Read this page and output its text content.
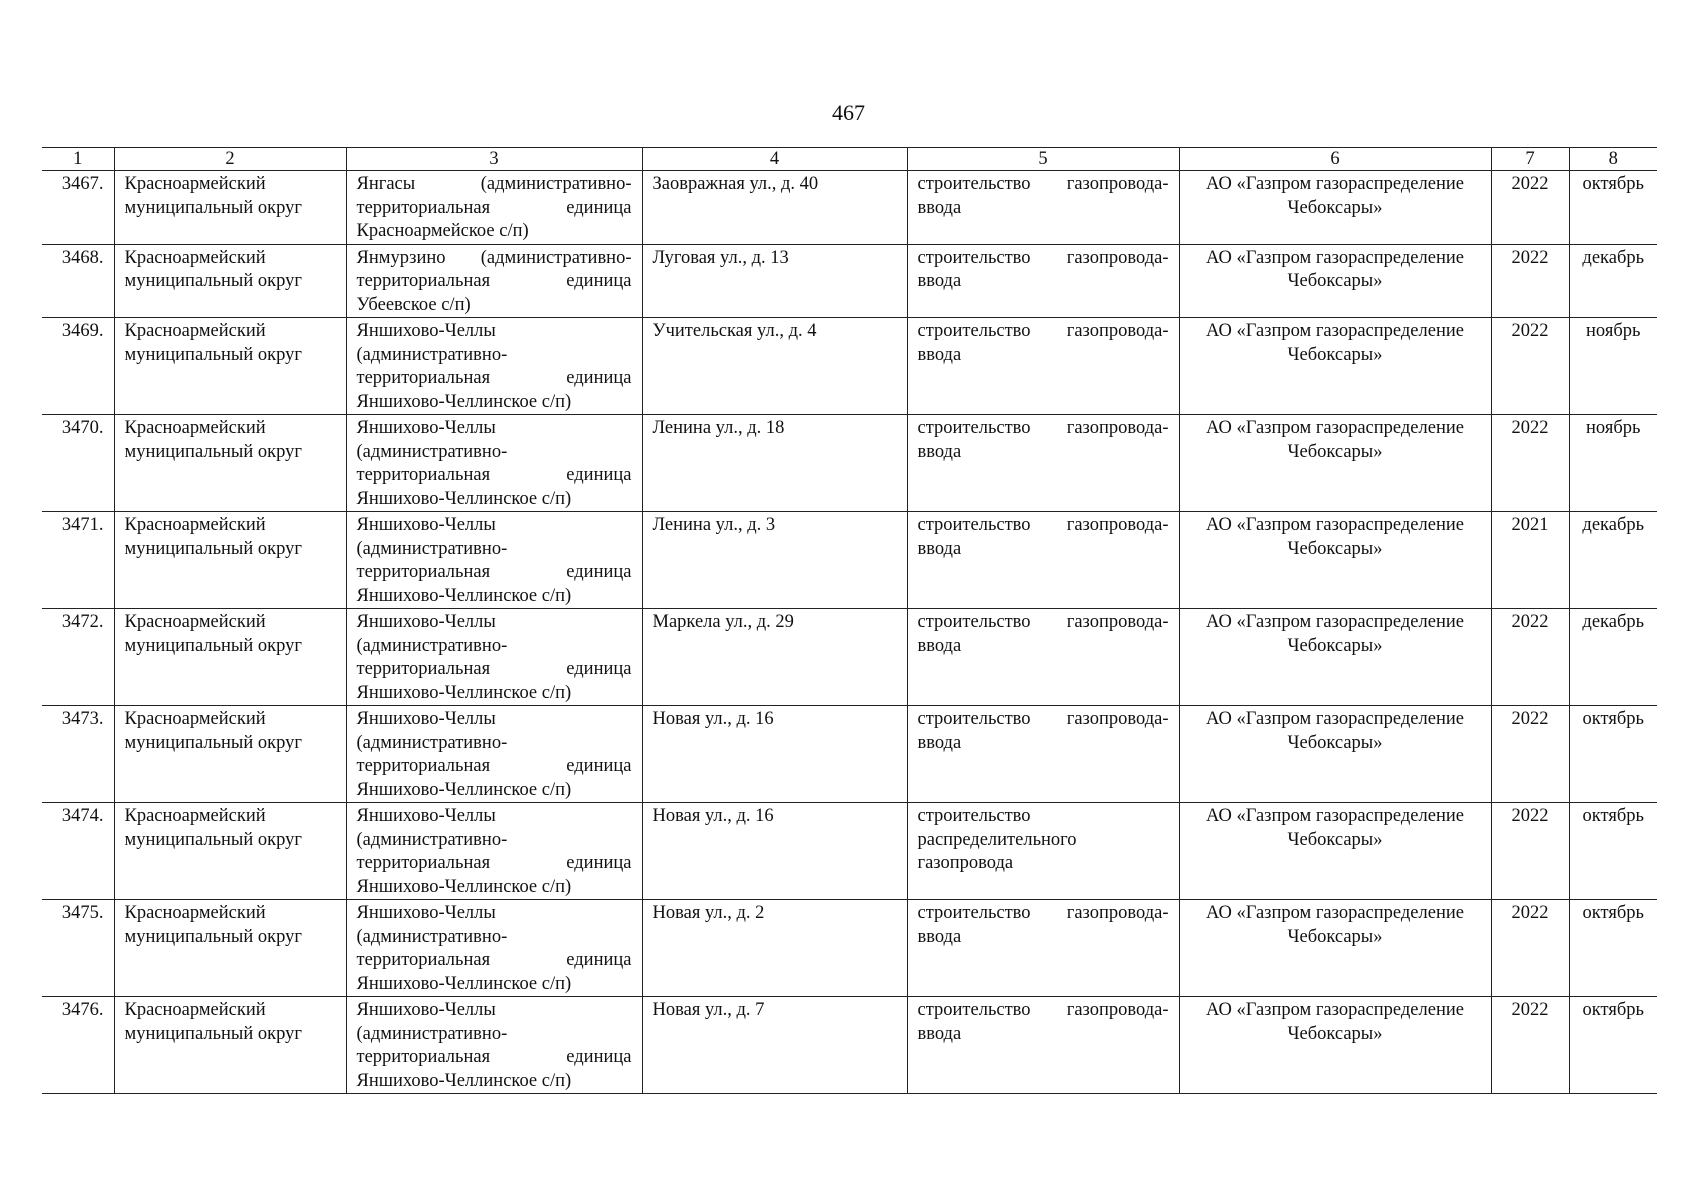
467
1	2	3	4	5	6	7	8
3467.	Красноармейский муниципальный округ	Янгасы (административно-территориальная единица Красноармейское с/п)	Заовражная ул., д. 40	строительство газопровода-ввода	АО «Газпром газораспределение Чебоксары»	2022	октябрь
3468.	Красноармейский муниципальный округ	Янмурзино (административно-территориальная единица Убеевское с/п)	Луговая ул., д. 13	строительство газопровода-ввода	АО «Газпром газораспределение Чебоксары»	2022	декабрь
3469.	Красноармейский муниципальный округ	Яншихово-Челлы (административно-территориальная единица Яншихово-Челлинское с/п)	Учительская ул., д. 4	строительство газопровода-ввода	АО «Газпром газораспределение Чебоксары»	2022	ноябрь
3470.	Красноармейский муниципальный округ	Яншихово-Челлы (административно-территориальная единица Яншихово-Челлинское с/п)	Ленина ул., д. 18	строительство газопровода-ввода	АО «Газпром газораспределение Чебоксары»	2022	ноябрь
3471.	Красноармейский муниципальный округ	Яншихово-Челлы (административно-территориальная единица Яншихово-Челлинское с/п)	Ленина ул., д. 3	строительство газопровода-ввода	АО «Газпром газораспределение Чебоксары»	2021	декабрь
3472.	Красноармейский муниципальный округ	Яншихово-Челлы (административно-территориальная единица Яншихово-Челлинское с/п)	Маркела ул., д. 29	строительство газопровода-ввода	АО «Газпром газораспределение Чебоксары»	2022	декабрь
3473.	Красноармейский муниципальный округ	Яншихово-Челлы (административно-территориальная единица Яншихово-Челлинское с/п)	Новая ул., д. 16	строительство газопровода-ввода	АО «Газпром газораспределение Чебоксары»	2022	октябрь
3474.	Красноармейский муниципальный округ	Яншихово-Челлы (административно-территориальная единица Яншихово-Челлинское с/п)	Новая ул., д. 16	строительство распределительного газопровода	АО «Газпром газораспределение Чебоксары»	2022	октябрь
3475.	Красноармейский муниципальный округ	Яншихово-Челлы (административно-территориальная единица Яншихово-Челлинское с/п)	Новая ул., д. 2	строительство газопровода-ввода	АО «Газпром газораспределение Чебоксары»	2022	октябрь
3476.	Красноармейский муниципальный округ	Яншихово-Челлы (административно-территориальная единица Яншихово-Челлинское с/п)	Новая ул., д. 7	строительство газопровода-ввода	АО «Газпром газораспределение Чебоксары»	2022	октябрь
